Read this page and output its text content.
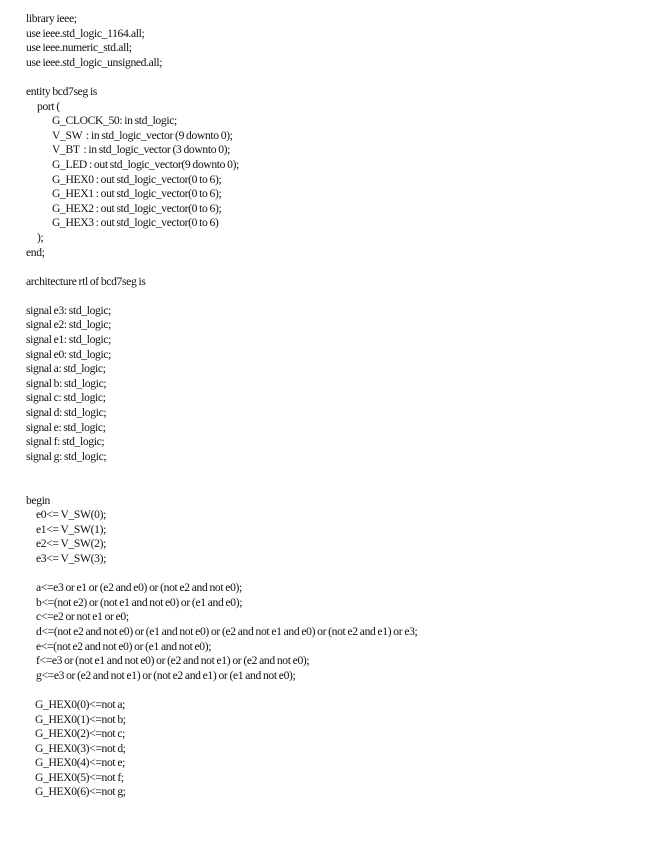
library ieee;
use ieee.std_logic_1164.all;
use ieee.numeric_std.all;
use ieee.std_logic_unsigned.all;
entity bcd7seg is
port (
G_CLOCK_50: in std_logic;
V_SW  : in std_logic_vector (9 downto 0);
V_BT  : in std_logic_vector (3 downto 0);
G_LED : out std_logic_vector(9 downto 0);
G_HEX0 : out std_logic_vector(0 to 6);
G_HEX1 : out std_logic_vector(0 to 6);
G_HEX2 : out std_logic_vector(0 to 6);
G_HEX3 : out std_logic_vector(0 to 6)
);
end;
architecture rtl of bcd7seg is
signal e3: std_logic;
signal e2: std_logic;
signal e1: std_logic;
signal e0: std_logic;
signal a: std_logic;
signal b: std_logic;
signal c: std_logic;
signal d: std_logic;
signal e: std_logic;
signal f: std_logic;
signal g: std_logic;
begin
e0<= V_SW(0);
e1<= V_SW(1);
e2<= V_SW(2);
e3<= V_SW(3);
a<=e3 or e1 or (e2 and e0) or (not e2 and not e0);
b<=(not e2) or (not e1 and not e0) or (e1 and e0);
c<=e2 or not e1 or e0;
d<=(not e2 and not e0) or (e1 and not e0) or (e2 and not e1 and e0) or (not e2 and e1) or e3;
e<=(not e2 and not e0) or (e1 and not e0);
f<=e3 or (not e1 and not e0) or (e2 and not e1) or (e2 and not e0);
g<=e3 or (e2 and not e1) or (not e2 and e1) or (e1 and not e0);
G_HEX0(0)<=not a;
G_HEX0(1)<=not b;
G_HEX0(2)<=not c;
G_HEX0(3)<=not d;
G_HEX0(4)<=not e;
G_HEX0(5)<=not f;
G_HEX0(6)<=not g;
